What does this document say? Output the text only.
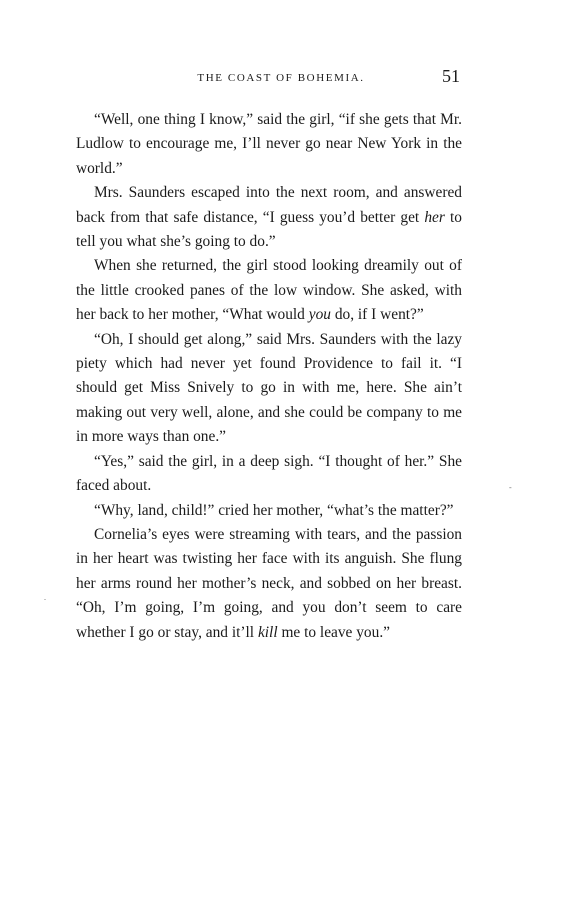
THE COAST OF BOHEMIA.	51

“Well, one thing I know,” said the girl, “if she gets that Mr. Ludlow to encourage me, I’ll never go near New York in the world.”

Mrs. Saunders escaped into the next room, and answered back from that safe distance, “I guess you’d better get her to tell you what she’s going to do.”

When she returned, the girl stood looking dreamily out of the little crooked panes of the low window. She asked, with her back to her mother, “What would you do, if I went?”

“Oh, I should get along,” said Mrs. Saunders with the lazy piety which had never yet found Providence to fail it. “I should get Miss Snively to go in with me, here. She ain’t making out very well, alone, and she could be company to me in more ways than one.”

“Yes,” said the girl, in a deep sigh. “I thought of her.” She faced about.

“Why, land, child!” cried her mother, “what’s the matter?”

Cornelia’s eyes were streaming with tears, and the passion in her heart was twisting her face with its anguish. She flung her arms round her mother’s neck, and sobbed on her breast. “Oh, I’m going, I’m going, and you don’t seem to care whether I go or stay, and it’ll kill me to leave you.”

-
.
